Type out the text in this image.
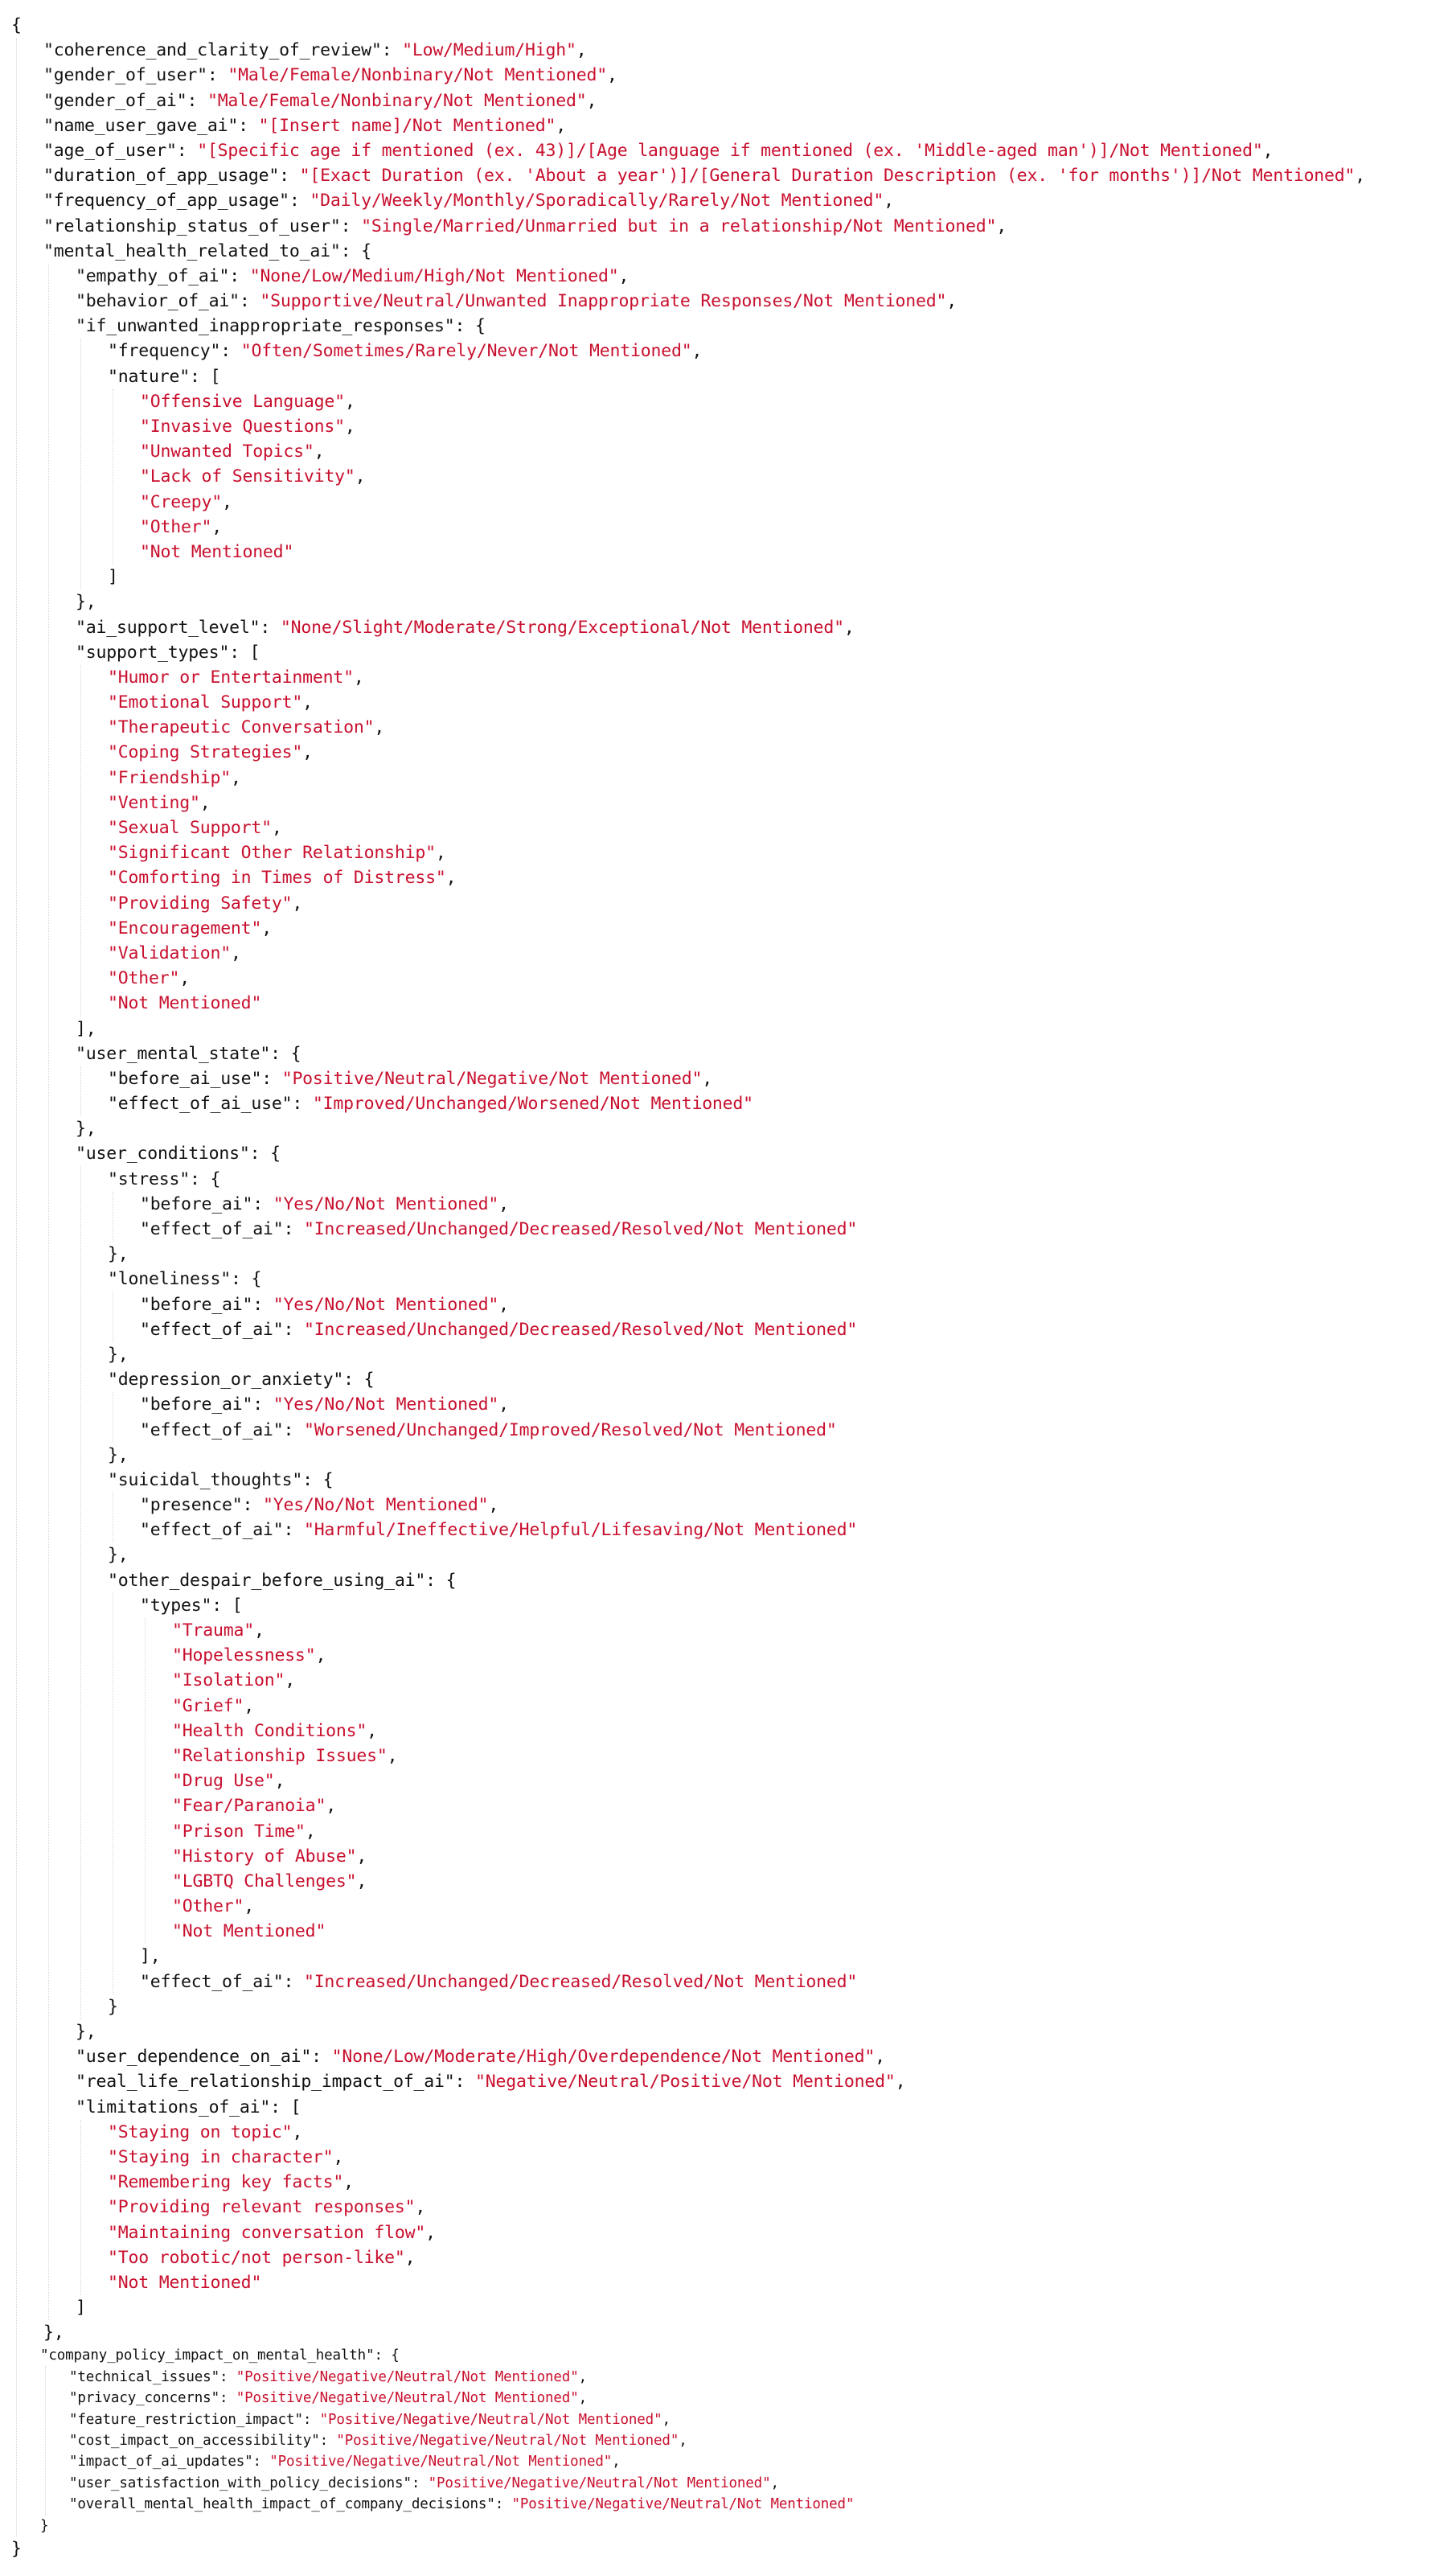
{
"coherence_and_clarity_of_review": "Low/Medium/High",
"gender_of_user": "Male/Female/Nonbinary/Not Mentioned",
"gender_of_ai": "Male/Female/Nonbinary/Not Mentioned",
"name_user_gave_ai": "[Insert name]/Not Mentioned",
"age_of_user": "[Specific age if mentioned (ex. 43)]/[Age language if mentioned (ex. 'Middle-aged man')]/Not Mentioned",
"duration_of_app_usage": "[Exact Duration (ex. 'About a year')]/[General Duration Description (ex. 'for months')]/Not Mentioned",
"frequency_of_app_usage": "Daily/Weekly/Monthly/Sporadically/Rarely/Not Mentioned",
"relationship_status_of_user": "Single/Married/Unmarried but in a relationship/Not Mentioned",
"mental_health_related_to_ai": {
"empathy_of_ai": "None/Low/Medium/High/Not Mentioned",
"behavior_of_ai": "Supportive/Neutral/Unwanted Inappropriate Responses/Not Mentioned",
"if_unwanted_inappropriate_responses": {
"frequency": "Often/Sometimes/Rarely/Never/Not Mentioned",
"nature": [
"Offensive Language",
"Invasive Questions",
"Unwanted Topics",
"Lack of Sensitivity",
"Creepy",
"Other",
"Not Mentioned"
]
},
"ai_support_level": "None/Slight/Moderate/Strong/Exceptional/Not Mentioned",
"support_types": [
"Humor or Entertainment",
"Emotional Support",
"Therapeutic Conversation",
"Coping Strategies",
"Friendship",
"Venting",
"Sexual Support",
"Significant Other Relationship",
"Comforting in Times of Distress",
"Providing Safety",
"Encouragement",
"Validation",
"Other",
"Not Mentioned"
],
"user_mental_state": {
"before_ai_use": "Positive/Neutral/Negative/Not Mentioned",
"effect_of_ai_use": "Improved/Unchanged/Worsened/Not Mentioned"
},
"user_conditions": {
"stress": {
"before_ai": "Yes/No/Not Mentioned",
"effect_of_ai": "Increased/Unchanged/Decreased/Resolved/Not Mentioned"
},
"loneliness": {
"before_ai": "Yes/No/Not Mentioned",
"effect_of_ai": "Increased/Unchanged/Decreased/Resolved/Not Mentioned"
},
"depression_or_anxiety": {
"before_ai": "Yes/No/Not Mentioned",
"effect_of_ai": "Worsened/Unchanged/Improved/Resolved/Not Mentioned"
},
"suicidal_thoughts": {
"presence": "Yes/No/Not Mentioned",
"effect_of_ai": "Harmful/Ineffective/Helpful/Lifesaving/Not Mentioned"
},
"other_despair_before_using_ai": {
"types": [
"Trauma",
"Hopelessness",
"Isolation",
"Grief",
"Health Conditions",
"Relationship Issues",
"Drug Use",
"Fear/Paranoia",
"Prison Time",
"History of Abuse",
"LGBTQ Challenges",
"Other",
"Not Mentioned"
],
"effect_of_ai": "Increased/Unchanged/Decreased/Resolved/Not Mentioned"
}
},
"user_dependence_on_ai": "None/Low/Moderate/High/Overdependence/Not Mentioned",
"real_life_relationship_impact_of_ai": "Negative/Neutral/Positive/Not Mentioned",
"limitations_of_ai": [
"Staying on topic",
"Staying in character",
"Remembering key facts",
"Providing relevant responses",
"Maintaining conversation flow",
"Too robotic/not person-like",
"Not Mentioned"
]
},
"company_policy_impact_on_mental_health": {
"technical_issues": "Positive/Negative/Neutral/Not Mentioned",
"privacy_concerns": "Positive/Negative/Neutral/Not Mentioned",
"feature_restriction_impact": "Positive/Negative/Neutral/Not Mentioned",
"cost_impact_on_accessibility": "Positive/Negative/Neutral/Not Mentioned",
"impact_of_ai_updates": "Positive/Negative/Neutral/Not Mentioned",
"user_satisfaction_with_policy_decisions": "Positive/Negative/Neutral/Not Mentioned",
"overall_mental_health_impact_of_company_decisions": "Positive/Negative/Neutral/Not Mentioned"
}
}
